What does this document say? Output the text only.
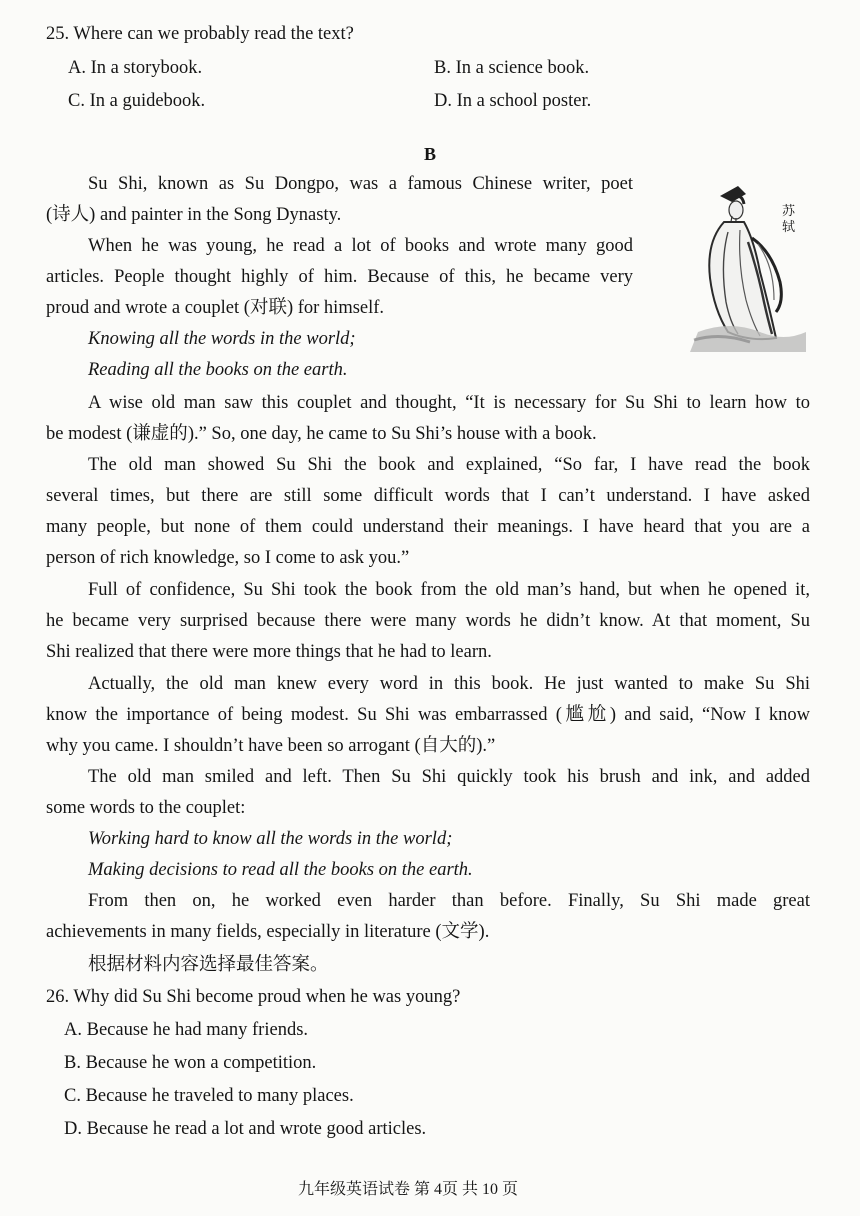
25. Where can we probably read the text?
A. In a storybook.	B. In a science book.
C. In a guidebook.	D. In a school poster.
B
Su Shi, known as Su Dongpo, was a famous Chinese writer, poet
(诗人) and painter in the Song Dynasty.
When he was young, he read a lot of books and wrote many good
articles. People thought highly of him. Because of this, he became very
proud and wrote a couplet (对联) for himself.
Knowing all the words in the world;
Reading all the books on the earth.
A wise old man saw this couplet and thought, “It is necessary for Su Shi to learn how to
be modest (谦虚的).” So, one day, he came to Su Shi’s house with a book.
The old man showed Su Shi the book and explained, “So far, I have read the book
several times, but there are still some difficult words that I can’t understand. I have asked
many people, but none of them could understand their meanings. I have heard that you are a
person of rich knowledge, so I come to ask you.”
Full of confidence, Su Shi took the book from the old man’s hand, but when he opened it,
he became very surprised because there were many words he didn’t know. At that moment, Su
Shi realized that there were more things that he had to learn.
Actually, the old man knew every word in this book. He just wanted to make Su Shi
know the importance of being modest. Su Shi was embarrassed (尴尬) and said, “Now I know
why you came. I shouldn’t have been so arrogant (自大的).”
The old man smiled and left. Then Su Shi quickly took his brush and ink, and added
some words to the couplet:
Working hard to know all the words in the world;
Making decisions to read all the books on the earth.
From then on, he worked even harder than before. Finally, Su Shi made great
achievements in many fields, especially in literature (文学).
根据材料内容选择最佳答案。
苏
轼
26. Why did Su Shi become proud when he was young?
A. Because he had many friends.
B. Because he won a competition.
C. Because he traveled to many places.
D. Because he read a lot and wrote good articles.
九年级英语试卷 第 4页 共 10 页
